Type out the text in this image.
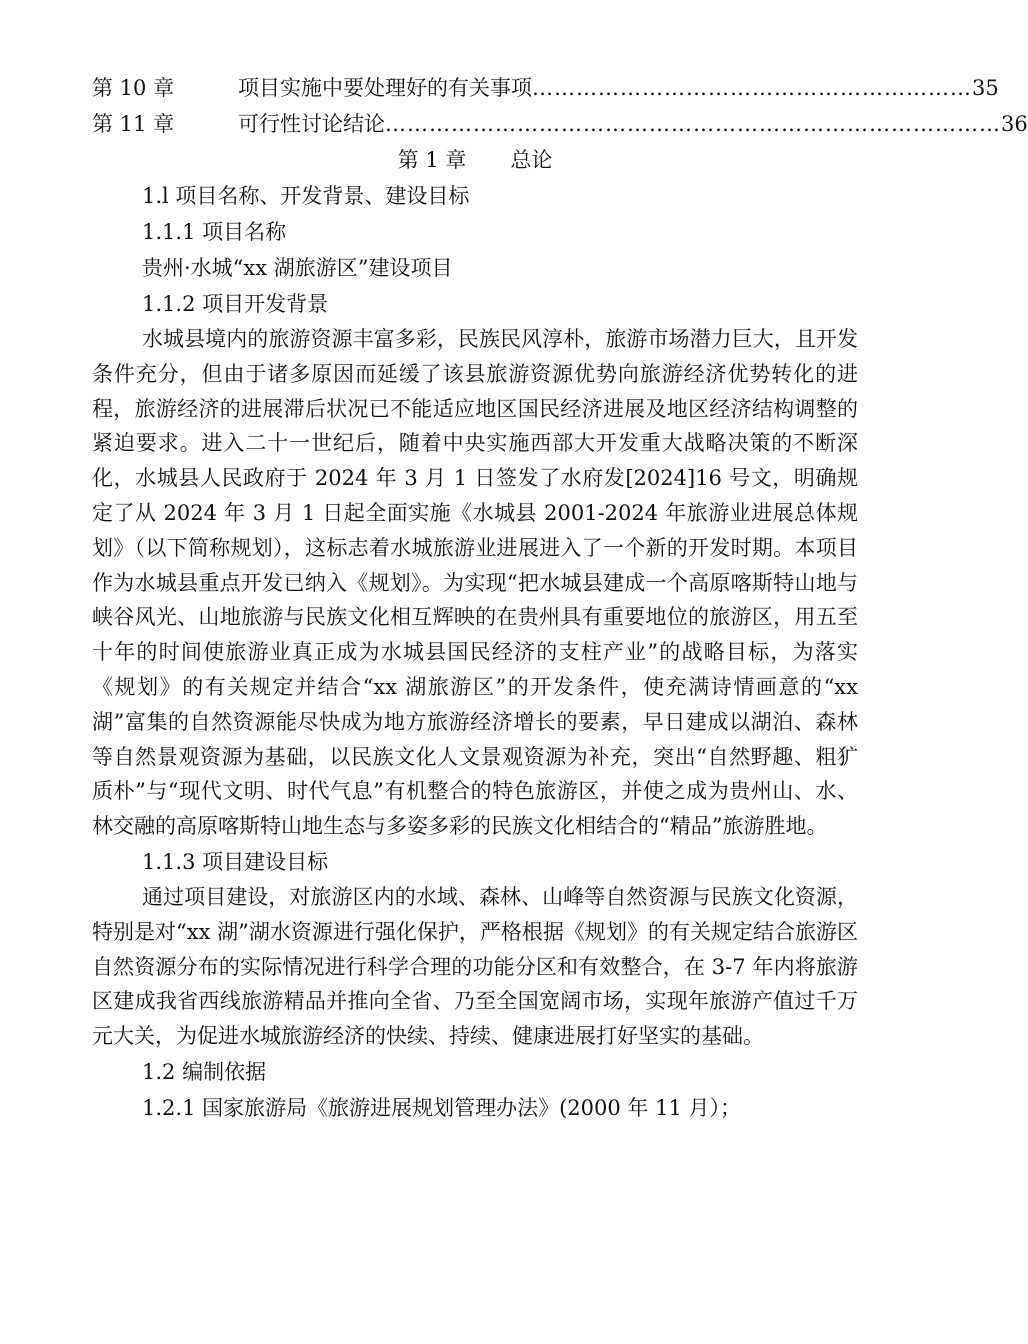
第 10 章	项目实施中要处理好的有关事项 …………………………………………………… 35
第 11 章	可行性讨论结论 ………………………………………………………………………… 36
第 1 章 总论
1.l 项目名称、开发背景、建设目标
1.1.1 项目名称
贵州·水城“xx 湖旅游区”建设项目
1.1.2 项目开发背景

水城县境内的旅游资源丰富多彩，民族民风淳朴，旅游市场潜力巨大，且开发条件充分，但由于诸多原因而延缓了该县旅游资源优势向旅游经济优势转化的进程，旅游经济的进展滞后状况已不能适应地区国民经济进展及地区经济结构调整的紧迫要求。进入二十一世纪后，随着中央实施西部大开发重大战略决策的不断深化，水城县人民政府于 2024 年 3 月 1 日签发了水府发[2024]16 号文，明确规定了从 2024 年 3 月 1 日起全面实施《水城县 2001-2024 年旅游业进展总体规划》（以下简称规划），这标志着水城旅游业进展进入了一个新的开发时期。本项目作为水城县重点开发已纳入《规划》。为实现“把水城县建成一个高原喀斯特山地与峡谷风光、山地旅游与民族文化相互辉映的在贵州具有重要地位的旅游区，用五至十年的时间使旅游业真正成为水城县国民经济的支柱产业”的战略目标，为落实《规划》的有关规定并结合“xx 湖旅游区”的开发条件，使充满诗情画意的“xx 湖”富集的自然资源能尽快成为地方旅游经济增长的要素，早日建成以湖泊、森林等自然景观资源为基础，以民族文化人文景观资源为补充，突出“自然野趣、粗犷质朴”与“现代文明、时代气息”有机整合的特色旅游区，并使之成为贵州山、水、林交融的高原喀斯特山地生态与多姿多彩的民族文化相结合的“精品”旅游胜地。

1.1.3 项目建设目标

通过项目建设，对旅游区内的水域、森林、山峰等自然资源与民族文化资源，特别是对“xx 湖”湖水资源进行强化保护，严格根据《规划》的有关规定结合旅游区自然资源分布的实际情况进行科学合理的功能分区和有效整合，在 3-7 年内将旅游区建成我省西线旅游精品并推向全省、乃至全国宽阔市场，实现年旅游产值过千万元大关，为促进水城旅游经济的快续、持续、健康进展打好坚实的基础。

1.2 编制依据
1.2.1 国家旅游局《旅游进展规划管理办法》(2000 年 11 月）；
